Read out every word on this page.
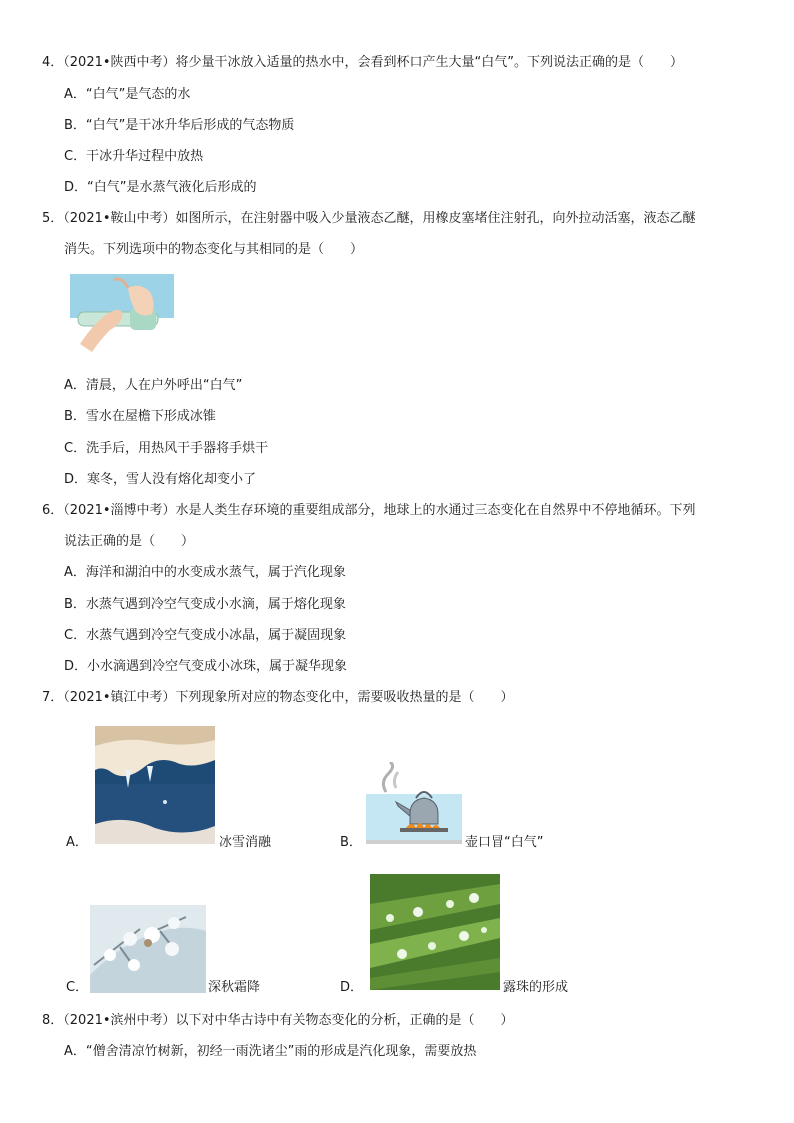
4．（2021•陕西中考）将少量干冰放入适量的热水中，会看到杯口产生大量“白气”。下列说法正确的是（　　）
A．“白气”是气态的水
B．“白气”是干冰升华后形成的气态物质
C．干冰升华过程中放热
D．“白气”是水蒸气液化后形成的
5．（2021•鞍山中考）如图所示，在注射器中吸入少量液态乙醚，用橡皮塞堵住注射孔，向外拉动活塞，液态乙醚
消失。下列选项中的物态变化与其相同的是（　　）
A．清晨，人在户外呼出“白气”
B．雪水在屋檐下形成冰锥
C．洗手后，用热风干手器将手烘干
D．寒冬，雪人没有熔化却变小了
6．（2021•淄博中考）水是人类生存环境的重要组成部分，地球上的水通过三态变化在自然界中不停地循环。下列
说法正确的是（　　）
A．海洋和湖泊中的水变成水蒸气，属于汽化现象
B．水蒸气遇到冷空气变成小水滴，属于熔化现象
C．水蒸气遇到冷空气变成小冰晶，属于凝固现象
D．小水滴遇到冷空气变成小冰珠，属于凝华现象
7．（2021•镇江中考）下列现象所对应的物态变化中，需要吸收热量的是（　　）
A．	冰雪消融	B．	壶口冒“白气”
C．	深秋霜降	D．	露珠的形成
8．（2021•滨州中考）以下对中华古诗中有关物态变化的分析，正确的是（　　）
A．“僧舍清凉竹树新，初经一雨洗诸尘”雨的形成是汽化现象，需要放热
